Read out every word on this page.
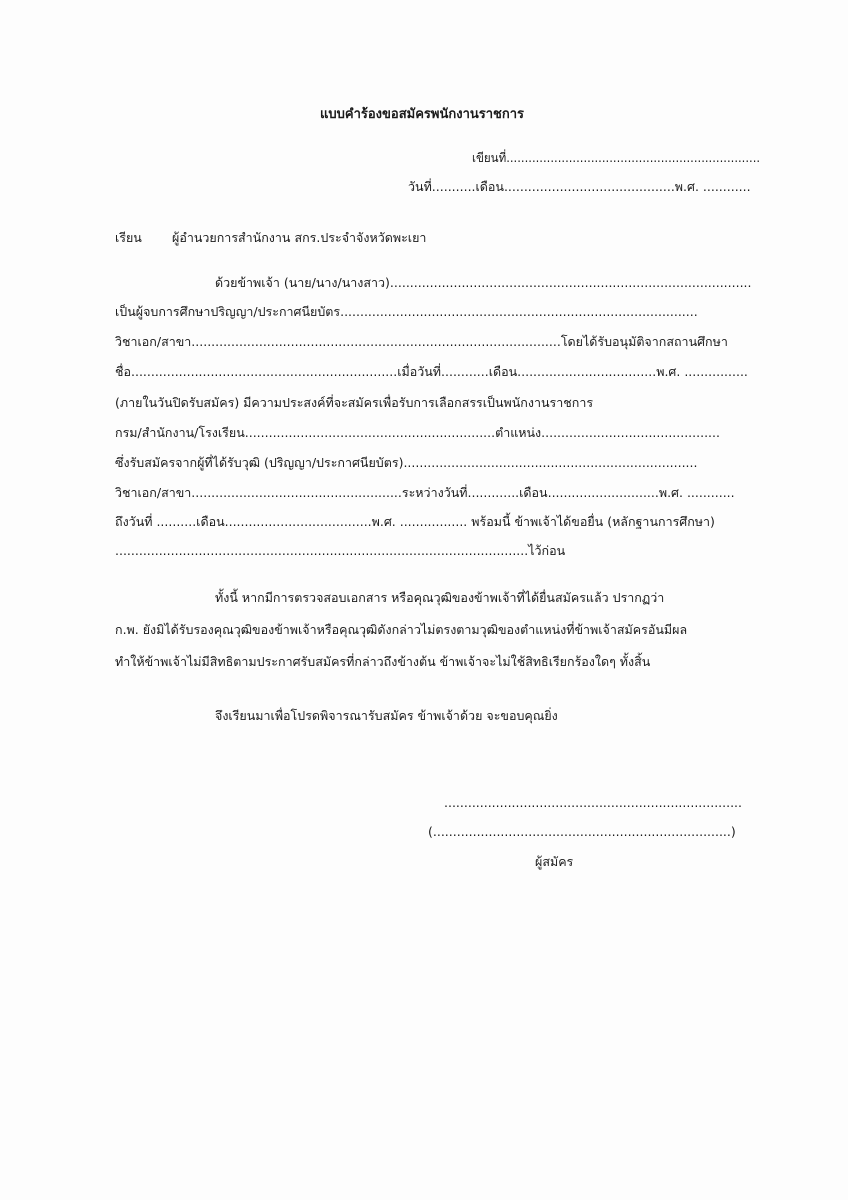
แบบคำร้องขอสมัครพนักงานราชการ
เขียนที่.....................................................................
วันที่...........เดือน...........................................พ.ศ. ............
เรียน ผู้อำนวยการสำนักงาน สกร.ประจำจังหวัดพะเยา
ด้วยข้าพเจ้า (นาย/นาง/นางสาว)...........................................................................................
เป็นผู้จบการศึกษาปริญญา/ประกาศนียบัตร..........................................................................................
วิชาเอก/สาขา.............................................................................................โดยได้รับอนุมัติจากสถานศึกษา
ชื่อ...................................................................เมื่อวันที่............เดือน...................................พ.ศ. ................
(ภายในวันปิดรับสมัคร) มีความประสงค์ที่จะสมัครเพื่อรับการเลือกสรรเป็นพนักงานราชการ
กรม/สำนักงาน/โรงเรียน...............................................................ตำแหน่ง.............................................
ซึ่งรับสมัครจากผู้ที่ได้รับวุฒิ (ปริญญา/ประกาศนียบัตร)..........................................................................
วิชาเอก/สาขา.....................................................ระหว่างวันที่.............เดือน............................พ.ศ. ............
ถึงวันที่ ..........เดือน.....................................พ.ศ. ................. พร้อมนี้ ข้าพเจ้าได้ขอยื่น (หลักฐานการศึกษา)
........................................................................................................ไว้ก่อน
ทั้งนี้ หากมีการตรวจสอบเอกสาร หรือคุณวุฒิของข้าพเจ้าที่ได้ยื่นสมัครแล้ว ปรากฏว่า
ก.พ. ยังมิได้รับรองคุณวุฒิของข้าพเจ้าหรือคุณวุฒิดังกล่าวไม่ตรงตามวุฒิของตำแหน่งที่ข้าพเจ้าสมัครอันมีผล
ทำให้ข้าพเจ้าไม่มีสิทธิตามประกาศรับสมัครที่กล่าวถึงข้างต้น ข้าพเจ้าจะไม่ใช้สิทธิเรียกร้องใดๆ ทั้งสิ้น
จึงเรียนมาเพื่อโปรดพิจารณารับสมัคร ข้าพเจ้าด้วย จะขอบคุณยิ่ง
...........................................................................
(...........................................................................)
ผู้สมัคร
